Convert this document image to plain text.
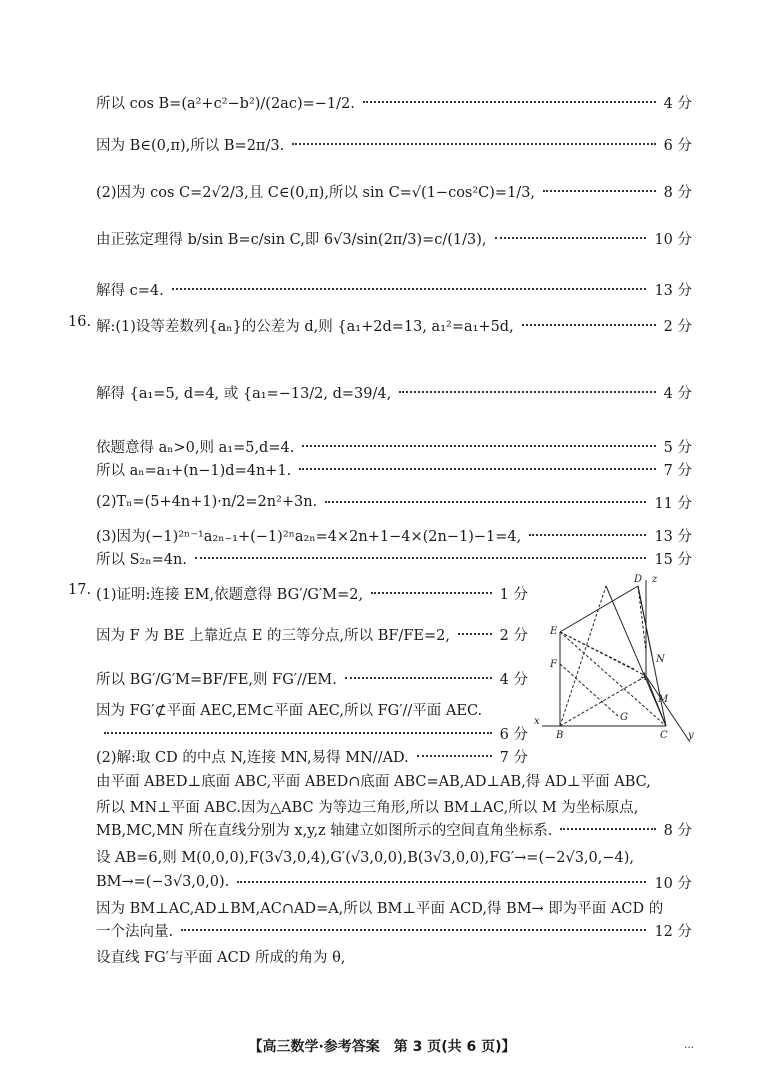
16.
17.
所以 cos B=(a²+c²−b²)/(2ac)=−1/2.	4 分
因为 B∈(0,π),所以 B=2π/3.	6 分
(2)因为 cos C=2√2/3,且 C∈(0,π),所以 sin C=√(1−cos²C)=1/3,	8 分
由正弦定理得 b/sin B=c/sin C,即 6√3/sin(2π/3)=c/(1/3),	10 分
解得 c=4.	13 分
解:(1)设等差数列{aₙ}的公差为 d,则 {a₁+2d=13, a₁²=a₁+5d,	2 分
解得 {a₁=5, d=4, 或 {a₁=−13/2, d=39/4,	4 分
依题意得 aₙ>0,则 a₁=5,d=4.	5 分
所以 aₙ=a₁+(n−1)d=4n+1.	7 分
(2)Tₙ=(5+4n+1)·n/2=2n²+3n.	11 分
(3)因为(−1)²ⁿ⁻¹a₂ₙ₋₁+(−1)²ⁿa₂ₙ=4×2n+1−4×(2n−1)−1=4,	13 分
所以 S₂ₙ=4n.	15 分
(1)证明:连接 EM,依题意得 BG′/G′M=2,	1 分
因为 F 为 BE 上靠近点 E 的三等分点,所以 BF/FE=2,	2 分
所以 BG′/G′M=BF/FE,则 FG′//EM.	4 分
因为 FG′⊄平面 AEC,EM⊂平面 AEC,所以 FG′//平面 AEC.
6 分
(2)解:取 CD 的中点 N,连接 MN,易得 MN//AD.	7 分
由平面 ABED⊥底面 ABC,平面 ABED∩底面 ABC=AB,AD⊥AB,得 AD⊥平面 ABC,
所以 MN⊥平面 ABC.因为△ABC 为等边三角形,所以 BM⊥AC,所以 M 为坐标原点,
MB,MC,MN 所在直线分别为 x,y,z 轴建立如图所示的空间直角坐标系.	8 分
设 AB=6,则 M(0,0,0),F(3√3,0,4),G′(√3,0,0),B(3√3,0,0),FG′→=(−2√3,0,−4),
BM→=(−3√3,0,0).	10 分
因为 BM⊥AC,AD⊥BM,AC∩AD=A,所以 BM⊥平面 ACD,得 BM→ 即为平面 ACD 的
一个法向量.	12 分
设直线 FG′与平面 ACD 所成的角为 θ,
D z
E
N
F
A
M
G
x
B	C y
【高三数学·参考答案　第 3 页(共 6 页)】	…
